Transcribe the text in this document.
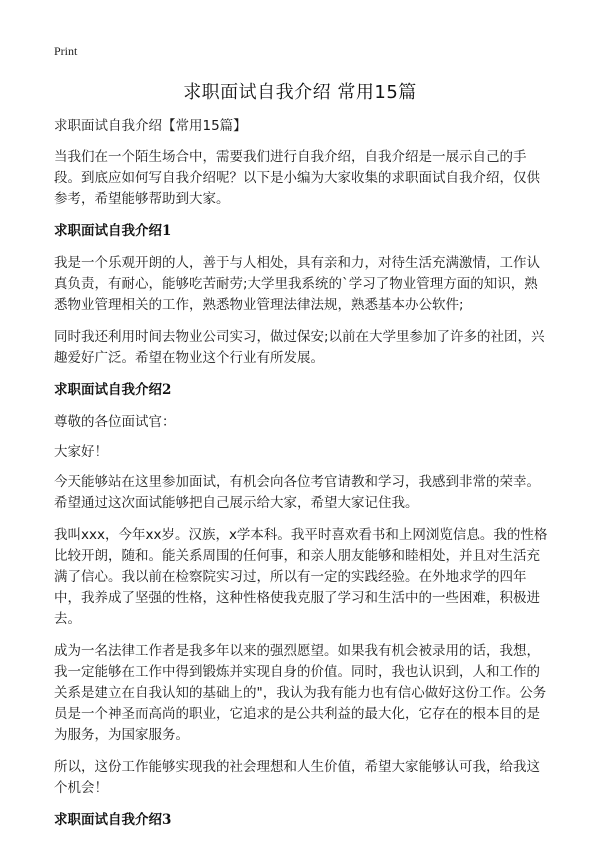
Print
求职面试自我介绍 常用15篇

求职面试自我介绍【常用15篇】

当我们在一个陌生场合中，需要我们进行自我介绍，自我介绍是一展示自己的手段。到底应如何写自我介绍呢？以下是小编为大家收集的求职面试自我介绍，仅供参考，希望能够帮助到大家。

求职面试自我介绍1

我是一个乐观开朗的人，善于与人相处，具有亲和力，对待生活充满激情，工作认真负责，有耐心，能够吃苦耐劳;大学里我系统的`学习了物业管理方面的知识，熟悉物业管理相关的工作，熟悉物业管理法律法规，熟悉基本办公软件;

同时我还利用时间去物业公司实习，做过保安;以前在大学里参加了许多的社团，兴趣爱好广泛。希望在物业这个行业有所发展。

求职面试自我介绍2

尊敬的各位面试官：

大家好！

今天能够站在这里参加面试，有机会向各位考官请教和学习，我感到非常的荣幸。希望通过这次面试能够把自己展示给大家，希望大家记住我。

我叫xxx，今年xx岁。汉族，x学本科。我平时喜欢看书和上网浏览信息。我的性格比较开朗，随和。能关系周围的任何事，和亲人朋友能够和睦相处，并且对生活充满了信心。我以前在检察院实习过，所以有一定的实践经验。在外地求学的四年中，我养成了坚强的性格，这种性格使我克服了学习和生活中的一些困难，积极进去。

成为一名法律工作者是我多年以来的强烈愿望。如果我有机会被录用的话，我想，我一定能够在工作中得到锻炼并实现自身的价值。同时，我也认识到，人和工作的关系是建立在自我认知的基础上的"，我认为我有能力也有信心做好这份工作。公务员是一个神圣而高尚的职业，它追求的是公共利益的最大化，它存在的根本目的是为服务，为国家服务。

所以，这份工作能够实现我的社会理想和人生价值，希望大家能够认可我，给我这个机会！

求职面试自我介绍3
